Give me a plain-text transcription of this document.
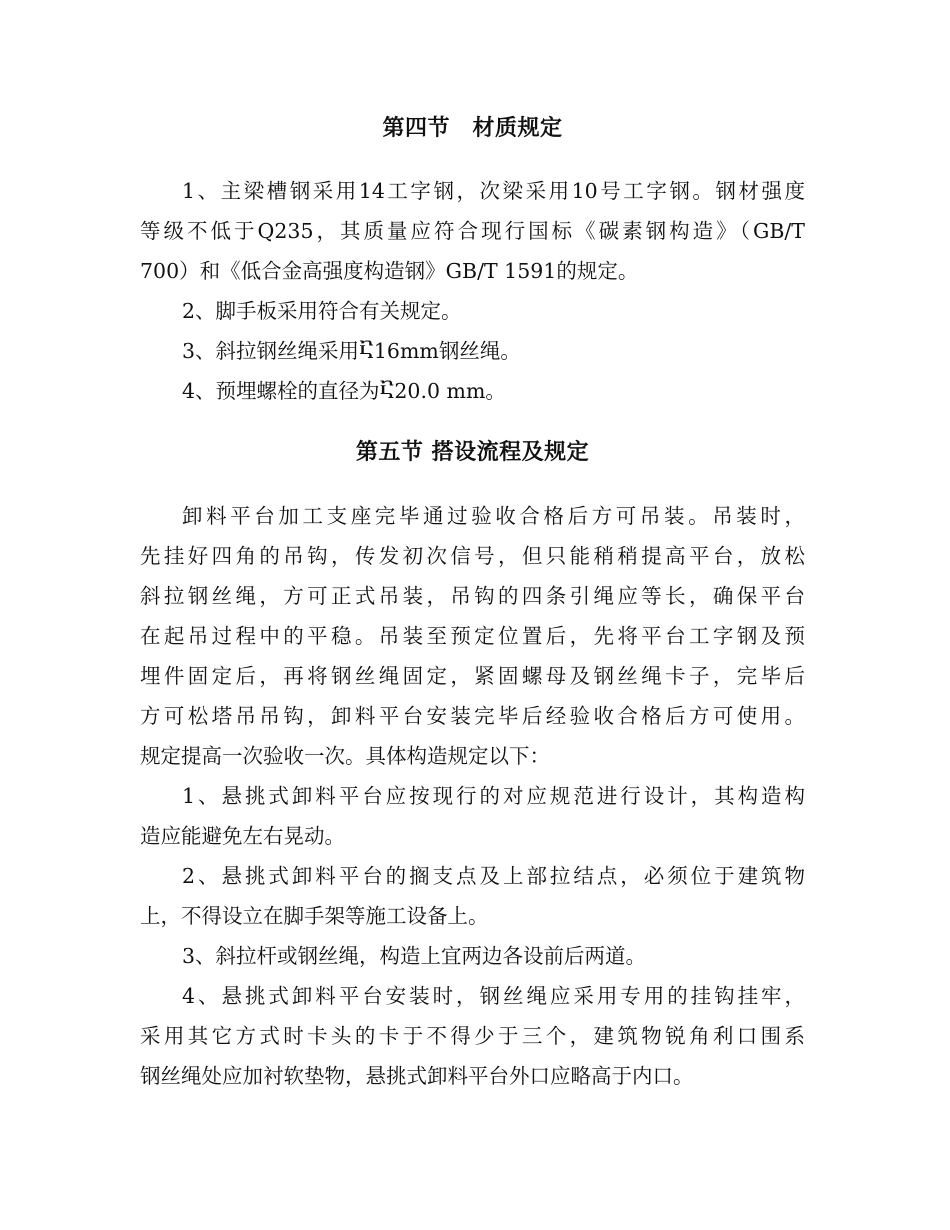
第四节　材质规定
1、主梁槽钢采用14工字钢，次梁采用10号工字钢。钢材强度
等级不低于Q235，其质量应符合现行国标《碳素钢构造》（GB/T
700）和《低合金高强度构造钢》GB/T 1591的规定。
2、脚手板采用符合有关规定。
3、斜拉钢丝绳采用Ⴀ16mm钢丝绳。
4、预埋螺栓的直径为Ⴀ20.0 mm。
第五节 搭设流程及规定
卸料平台加工支座完毕通过验收合格后方可吊装。吊装时，
先挂好四角的吊钩，传发初次信号，但只能稍稍提高平台，放松
斜拉钢丝绳，方可正式吊装，吊钩的四条引绳应等长，确保平台
在起吊过程中的平稳。吊装至预定位置后，先将平台工字钢及预
埋件固定后，再将钢丝绳固定，紧固螺母及钢丝绳卡子，完毕后
方可松塔吊吊钩，卸料平台安装完毕后经验收合格后方可使用。
规定提高一次验收一次。具体构造规定以下：
1、悬挑式卸料平台应按现行的对应规范进行设计，其构造构
造应能避免左右晃动。
2、悬挑式卸料平台的搁支点及上部拉结点，必须位于建筑物
上，不得设立在脚手架等施工设备上。
3、斜拉杆或钢丝绳，构造上宜两边各设前后两道。
4、悬挑式卸料平台安装时，钢丝绳应采用专用的挂钩挂牢，
采用其它方式时卡头的卡于不得少于三个，建筑物锐角利口围系
钢丝绳处应加衬软垫物，悬挑式卸料平台外口应略高于内口。
